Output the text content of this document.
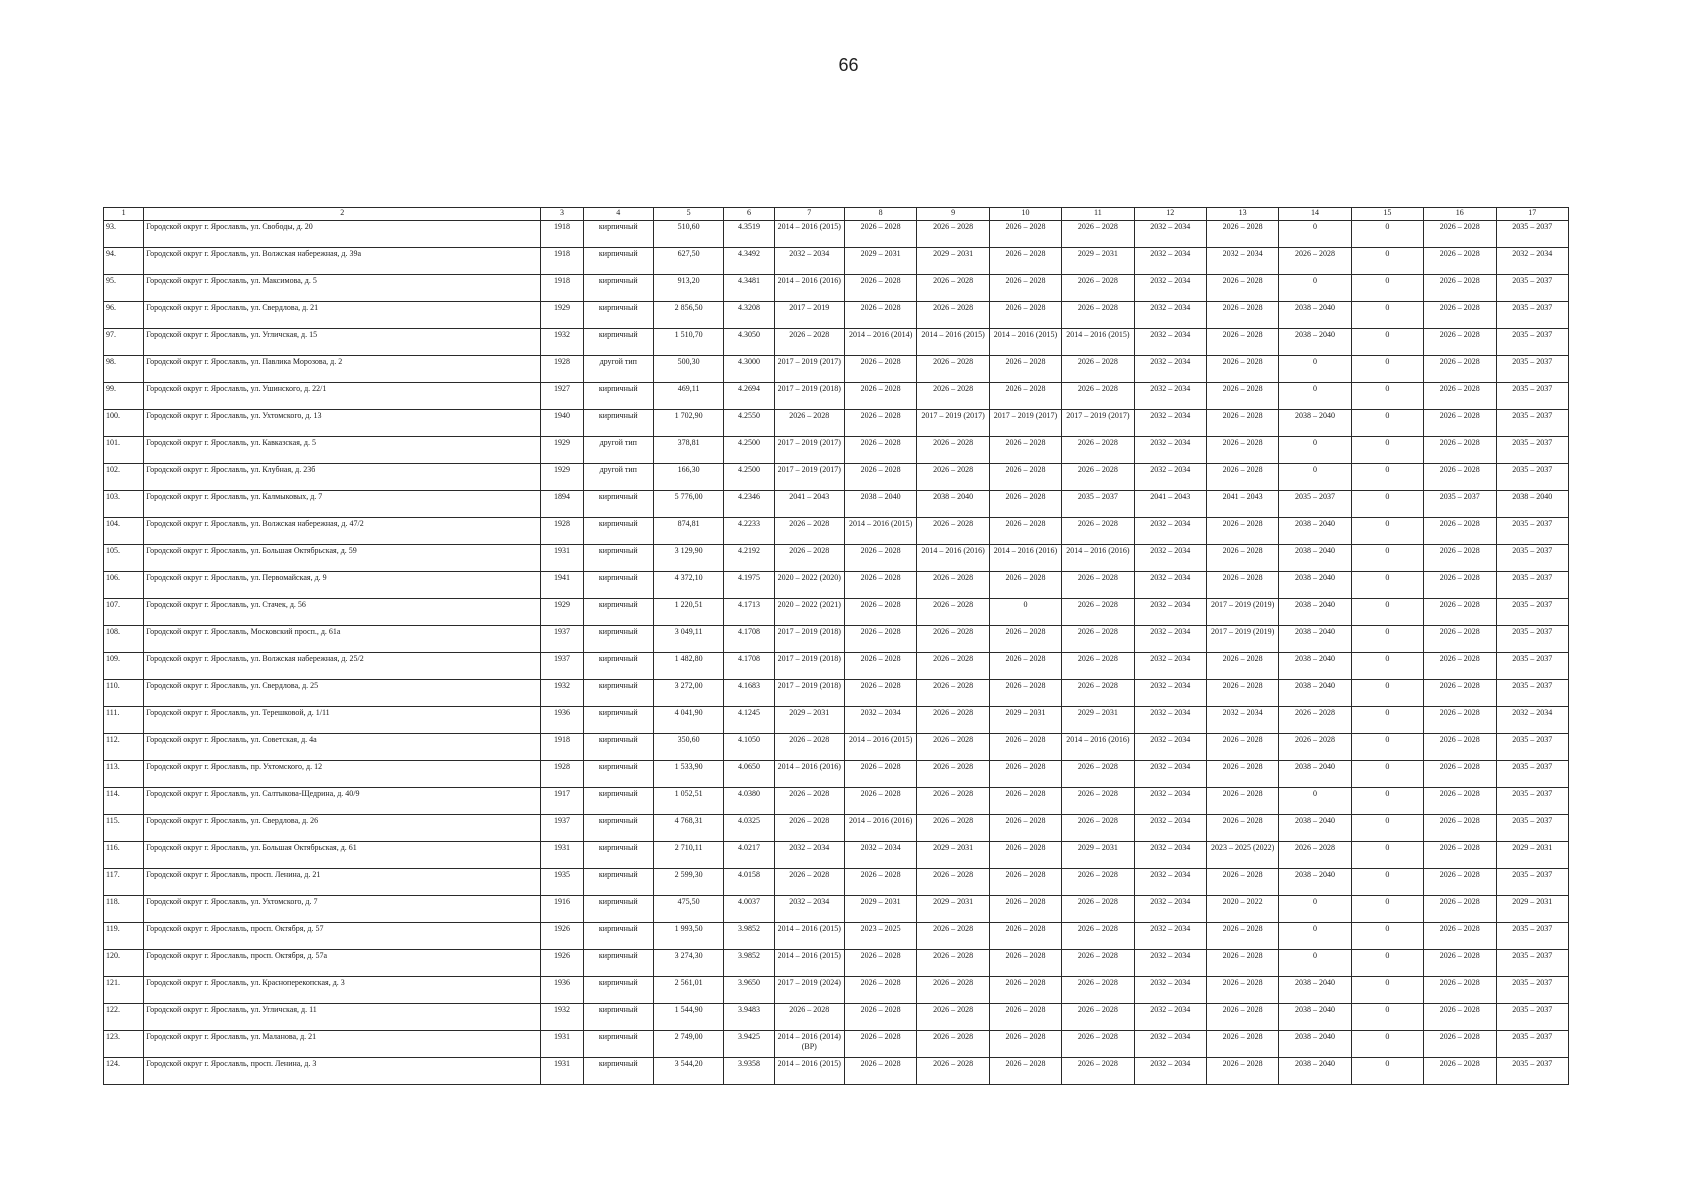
66
1	2	3	4	5	6	7	8	9	10	11	12	13	14	15	16	17
93.	Городской округ г. Ярославль, ул. Свободы, д. 20	1918	кирпичный	510,60	4.3519	2014 – 2016 (2015)	2026 – 2028	2026 – 2028	2026 – 2028	2026 – 2028	2032 – 2034	2026 – 2028	0	0	2026 – 2028	2035 – 2037
94.	Городской округ г. Ярославль, ул. Волжская набережная, д. 39а	1918	кирпичный	627,50	4.3492	2032 – 2034	2029 – 2031	2029 – 2031	2026 – 2028	2029 – 2031	2032 – 2034	2032 – 2034	2026 – 2028	0	2026 – 2028	2032 – 2034
95.	Городской округ г. Ярославль, ул. Максимова, д. 5	1918	кирпичный	913,20	4.3481	2014 – 2016 (2016)	2026 – 2028	2026 – 2028	2026 – 2028	2026 – 2028	2032 – 2034	2026 – 2028	0	0	2026 – 2028	2035 – 2037
96.	Городской округ г. Ярославль, ул. Свердлова, д. 21	1929	кирпичный	2 856,50	4.3208	2017 – 2019	2026 – 2028	2026 – 2028	2026 – 2028	2026 – 2028	2032 – 2034	2026 – 2028	2038 – 2040	0	2026 – 2028	2035 – 2037
97.	Городской округ г. Ярославль, ул. Угличская, д. 15	1932	кирпичный	1 510,70	4.3050	2026 – 2028	2014 – 2016 (2014)	2014 – 2016 (2015)	2014 – 2016 (2015)	2014 – 2016 (2015)	2032 – 2034	2026 – 2028	2038 – 2040	0	2026 – 2028	2035 – 2037
98.	Городской округ г. Ярославль, ул. Павлика Морозова, д. 2	1928	другой тип	500,30	4.3000	2017 – 2019 (2017)	2026 – 2028	2026 – 2028	2026 – 2028	2026 – 2028	2032 – 2034	2026 – 2028	0	0	2026 – 2028	2035 – 2037
99.	Городской округ г. Ярославль, ул. Ушинского, д. 22/1	1927	кирпичный	469,11	4.2694	2017 – 2019 (2018)	2026 – 2028	2026 – 2028	2026 – 2028	2026 – 2028	2032 – 2034	2026 – 2028	0	0	2026 – 2028	2035 – 2037
100.	Городской округ г. Ярославль, ул. Ухтомского, д. 13	1940	кирпичный	1 702,90	4.2550	2026 – 2028	2026 – 2028	2017 – 2019 (2017)	2017 – 2019 (2017)	2017 – 2019 (2017)	2032 – 2034	2026 – 2028	2038 – 2040	0	2026 – 2028	2035 – 2037
101.	Городской округ г. Ярославль, ул. Кавказская, д. 5	1929	другой тип	378,81	4.2500	2017 – 2019 (2017)	2026 – 2028	2026 – 2028	2026 – 2028	2026 – 2028	2032 – 2034	2026 – 2028	0	0	2026 – 2028	2035 – 2037
102.	Городской округ г. Ярославль, ул. Клубная, д. 23б	1929	другой тип	166,30	4.2500	2017 – 2019 (2017)	2026 – 2028	2026 – 2028	2026 – 2028	2026 – 2028	2032 – 2034	2026 – 2028	0	0	2026 – 2028	2035 – 2037
103.	Городской округ г. Ярославль, ул. Калмыковых, д. 7	1894	кирпичный	5 776,00	4.2346	2041 – 2043	2038 – 2040	2038 – 2040	2026 – 2028	2035 – 2037	2041 – 2043	2041 – 2043	2035 – 2037	0	2035 – 2037	2038 – 2040
104.	Городской округ г. Ярославль, ул. Волжская набережная, д. 47/2	1928	кирпичный	874,81	4.2233	2026 – 2028	2014 – 2016 (2015)	2026 – 2028	2026 – 2028	2026 – 2028	2032 – 2034	2026 – 2028	2038 – 2040	0	2026 – 2028	2035 – 2037
105.	Городской округ г. Ярославль, ул. Большая Октябрьская, д. 59	1931	кирпичный	3 129,90	4.2192	2026 – 2028	2026 – 2028	2014 – 2016 (2016)	2014 – 2016 (2016)	2014 – 2016 (2016)	2032 – 2034	2026 – 2028	2038 – 2040	0	2026 – 2028	2035 – 2037
106.	Городской округ г. Ярославль, ул. Первомайская, д. 9	1941	кирпичный	4 372,10	4.1975	2020 – 2022 (2020)	2026 – 2028	2026 – 2028	2026 – 2028	2026 – 2028	2032 – 2034	2026 – 2028	2038 – 2040	0	2026 – 2028	2035 – 2037
107.	Городской округ г. Ярославль, ул. Стачек, д. 56	1929	кирпичный	1 220,51	4.1713	2020 – 2022 (2021)	2026 – 2028	2026 – 2028	0	2026 – 2028	2032 – 2034	2017 – 2019 (2019)	2038 – 2040	0	2026 – 2028	2035 – 2037
108.	Городской округ г. Ярославль, Московский просп., д. 61а	1937	кирпичный	3 049,11	4.1708	2017 – 2019 (2018)	2026 – 2028	2026 – 2028	2026 – 2028	2026 – 2028	2032 – 2034	2017 – 2019 (2019)	2038 – 2040	0	2026 – 2028	2035 – 2037
109.	Городской округ г. Ярославль, ул. Волжская набережная, д. 25/2	1937	кирпичный	1 482,80	4.1708	2017 – 2019 (2018)	2026 – 2028	2026 – 2028	2026 – 2028	2026 – 2028	2032 – 2034	2026 – 2028	2038 – 2040	0	2026 – 2028	2035 – 2037
110.	Городской округ г. Ярославль, ул. Свердлова, д. 25	1932	кирпичный	3 272,00	4.1683	2017 – 2019 (2018)	2026 – 2028	2026 – 2028	2026 – 2028	2026 – 2028	2032 – 2034	2026 – 2028	2038 – 2040	0	2026 – 2028	2035 – 2037
111.	Городской округ г. Ярославль, ул. Терешковой, д. 1/11	1936	кирпичный	4 041,90	4.1245	2029 – 2031	2032 – 2034	2026 – 2028	2029 – 2031	2029 – 2031	2032 – 2034	2032 – 2034	2026 – 2028	0	2026 – 2028	2032 – 2034
112.	Городской округ г. Ярославль, ул. Советская, д. 4а	1918	кирпичный	350,60	4.1050	2026 – 2028	2014 – 2016 (2015)	2026 – 2028	2026 – 2028	2014 – 2016 (2016)	2032 – 2034	2026 – 2028	2026 – 2028	0	2026 – 2028	2035 – 2037
113.	Городской округ г. Ярославль, пр. Ухтомского, д. 12	1928	кирпичный	1 533,90	4.0650	2014 – 2016 (2016)	2026 – 2028	2026 – 2028	2026 – 2028	2026 – 2028	2032 – 2034	2026 – 2028	2038 – 2040	0	2026 – 2028	2035 – 2037
114.	Городской округ г. Ярославль, ул. Салтыкова-Щедрина, д. 40/9	1917	кирпичный	1 052,51	4.0380	2026 – 2028	2026 – 2028	2026 – 2028	2026 – 2028	2026 – 2028	2032 – 2034	2026 – 2028	0	0	2026 – 2028	2035 – 2037
115.	Городской округ г. Ярославль, ул. Свердлова, д. 26	1937	кирпичный	4 768,31	4.0325	2026 – 2028	2014 – 2016 (2016)	2026 – 2028	2026 – 2028	2026 – 2028	2032 – 2034	2026 – 2028	2038 – 2040	0	2026 – 2028	2035 – 2037
116.	Городской округ г. Ярославль, ул. Большая Октябрьская, д. 61	1931	кирпичный	2 710,11	4.0217	2032 – 2034	2032 – 2034	2029 – 2031	2026 – 2028	2029 – 2031	2032 – 2034	2023 – 2025 (2022)	2026 – 2028	0	2026 – 2028	2029 – 2031
117.	Городской округ г. Ярославль, просп. Ленина, д. 21	1935	кирпичный	2 599,30	4.0158	2026 – 2028	2026 – 2028	2026 – 2028	2026 – 2028	2026 – 2028	2032 – 2034	2026 – 2028	2038 – 2040	0	2026 – 2028	2035 – 2037
118.	Городской округ г. Ярославль, ул. Ухтомского, д. 7	1916	кирпичный	475,50	4.0037	2032 – 2034	2029 – 2031	2029 – 2031	2026 – 2028	2026 – 2028	2032 – 2034	2020 – 2022	0	0	2026 – 2028	2029 – 2031
119.	Городской округ г. Ярославль, просп. Октября, д. 57	1926	кирпичный	1 993,50	3.9852	2014 – 2016 (2015)	2023 – 2025	2026 – 2028	2026 – 2028	2026 – 2028	2032 – 2034	2026 – 2028	0	0	2026 – 2028	2035 – 2037
120.	Городской округ г. Ярославль, просп. Октября, д. 57а	1926	кирпичный	3 274,30	3.9852	2014 – 2016 (2015)	2026 – 2028	2026 – 2028	2026 – 2028	2026 – 2028	2032 – 2034	2026 – 2028	0	0	2026 – 2028	2035 – 2037
121.	Городской округ г. Ярославль, ул. Красноперекопская, д. 3	1936	кирпичный	2 561,01	3.9650	2017 – 2019 (2024)	2026 – 2028	2026 – 2028	2026 – 2028	2026 – 2028	2032 – 2034	2026 – 2028	2038 – 2040	0	2026 – 2028	2035 – 2037
122.	Городской округ г. Ярославль, ул. Угличская, д. 11	1932	кирпичный	1 544,90	3.9483	2026 – 2028	2026 – 2028	2026 – 2028	2026 – 2028	2026 – 2028	2032 – 2034	2026 – 2028	2038 – 2040	0	2026 – 2028	2035 – 2037
123.	Городской округ г. Ярославль, ул. Маланова, д. 21	1931	кирпичный	2 749,00	3.9425	2014 – 2016 (2014) (ВР)	2026 – 2028	2026 – 2028	2026 – 2028	2026 – 2028	2032 – 2034	2026 – 2028	2038 – 2040	0	2026 – 2028	2035 – 2037
124.	Городской округ г. Ярославль, просп. Ленина, д. 3	1931	кирпичный	3 544,20	3.9358	2014 – 2016 (2015)	2026 – 2028	2026 – 2028	2026 – 2028	2026 – 2028	2032 – 2034	2026 – 2028	2038 – 2040	0	2026 – 2028	2035 – 2037
